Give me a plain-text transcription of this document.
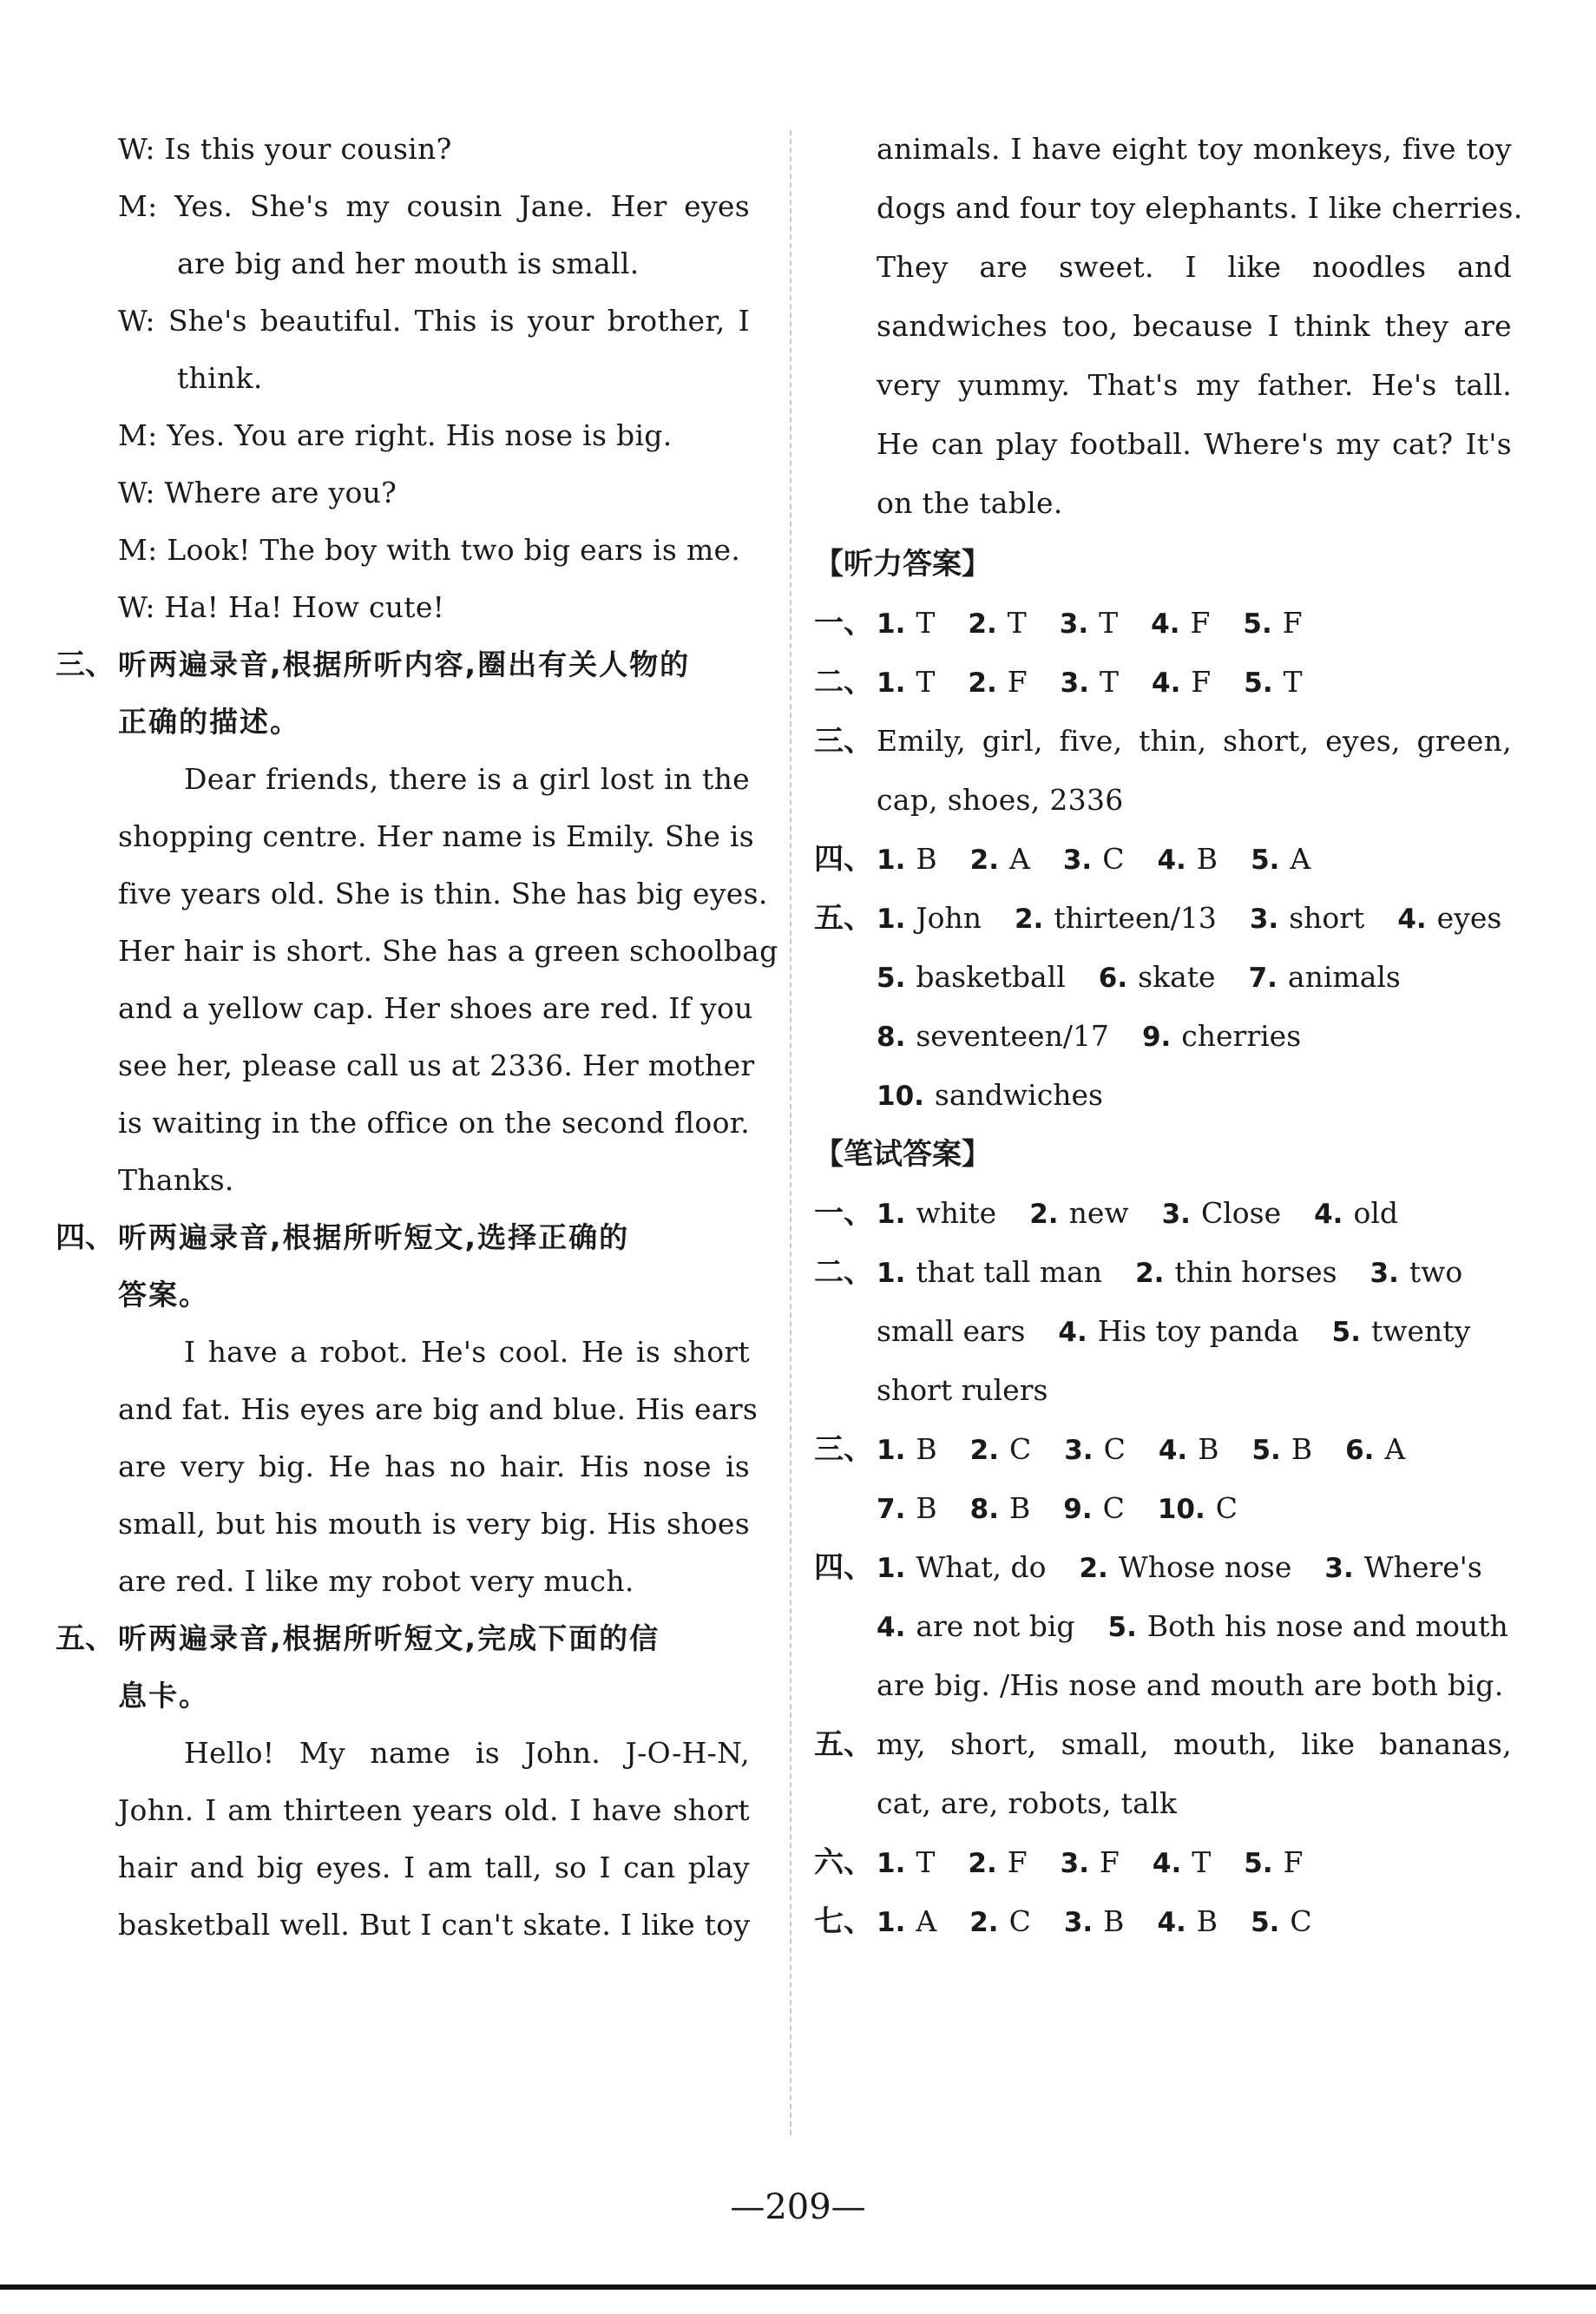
W: Is this your cousin?
M: Yes. She's my cousin Jane. Her eyes
are big and her mouth is small.
W: She's beautiful. This is your brother, I
think.
M: Yes. You are right. His nose is big.
W: Where are you?
M: Look! The boy with two big ears is me.
W: Ha! Ha! How cute!
三、 听两遍录音,根据所听内容,圈出有关人物的
正确的描述。
Dear friends, there is a girl lost in the
shopping centre. Her name is Emily. She is
five years old. She is thin. She has big eyes.
Her hair is short. She has a green schoolbag
and a yellow cap. Her shoes are red. If you
see her, please call us at 2336. Her mother
is waiting in the office on the second floor.
Thanks.
四、 听两遍录音,根据所听短文,选择正确的
答案。
I have a robot. He's cool. He is short
and fat. His eyes are big and blue. His ears
are very big. He has no hair. His nose is
small, but his mouth is very big. His shoes
are red. I like my robot very much.
五、 听两遍录音,根据所听短文,完成下面的信
息卡。
Hello! My name is John. J-O-H-N,
John. I am thirteen years old. I have short
hair and big eyes. I am tall, so I can play
basketball well. But I can't skate. I like toy
animals. I have eight toy monkeys, five toy
dogs and four toy elephants. I like cherries.
They are sweet. I like noodles and
sandwiches too, because I think they are
very yummy. That's my father. He's tall.
He can play football. Where's my cat? It's
on the table.
【听力答案】
一、 1. T 2. T 3. T 4. F 5. F
二、 1. T 2. F 3. T 4. F 5. T
三、 Emily, girl, five, thin, short, eyes, green,
cap, shoes, 2336
四、 1. B 2. A 3. C 4. B 5. A
五、 1. John 2. thirteen/13 3. short 4. eyes
5. basketball 6. skate 7. animals
8. seventeen/17 9. cherries
10. sandwiches
【笔试答案】
一、 1. white 2. new 3. Close 4. old
二、 1. that tall man 2. thin horses 3. two
small ears 4. His toy panda 5. twenty
short rulers
三、 1. B 2. C 3. C 4. B 5. B 6. A
7. B 8. B 9. C 10. C
四、 1. What, do 2. Whose nose 3. Where's
4. are not big 5. Both his nose and mouth
are big. /His nose and mouth are both big.
五、 my, short, small, mouth, like bananas,
cat, are, robots, talk
六、 1. T 2. F 3. F 4. T 5. F
七、 1. A 2. C 3. B 4. B 5. C
—209—
